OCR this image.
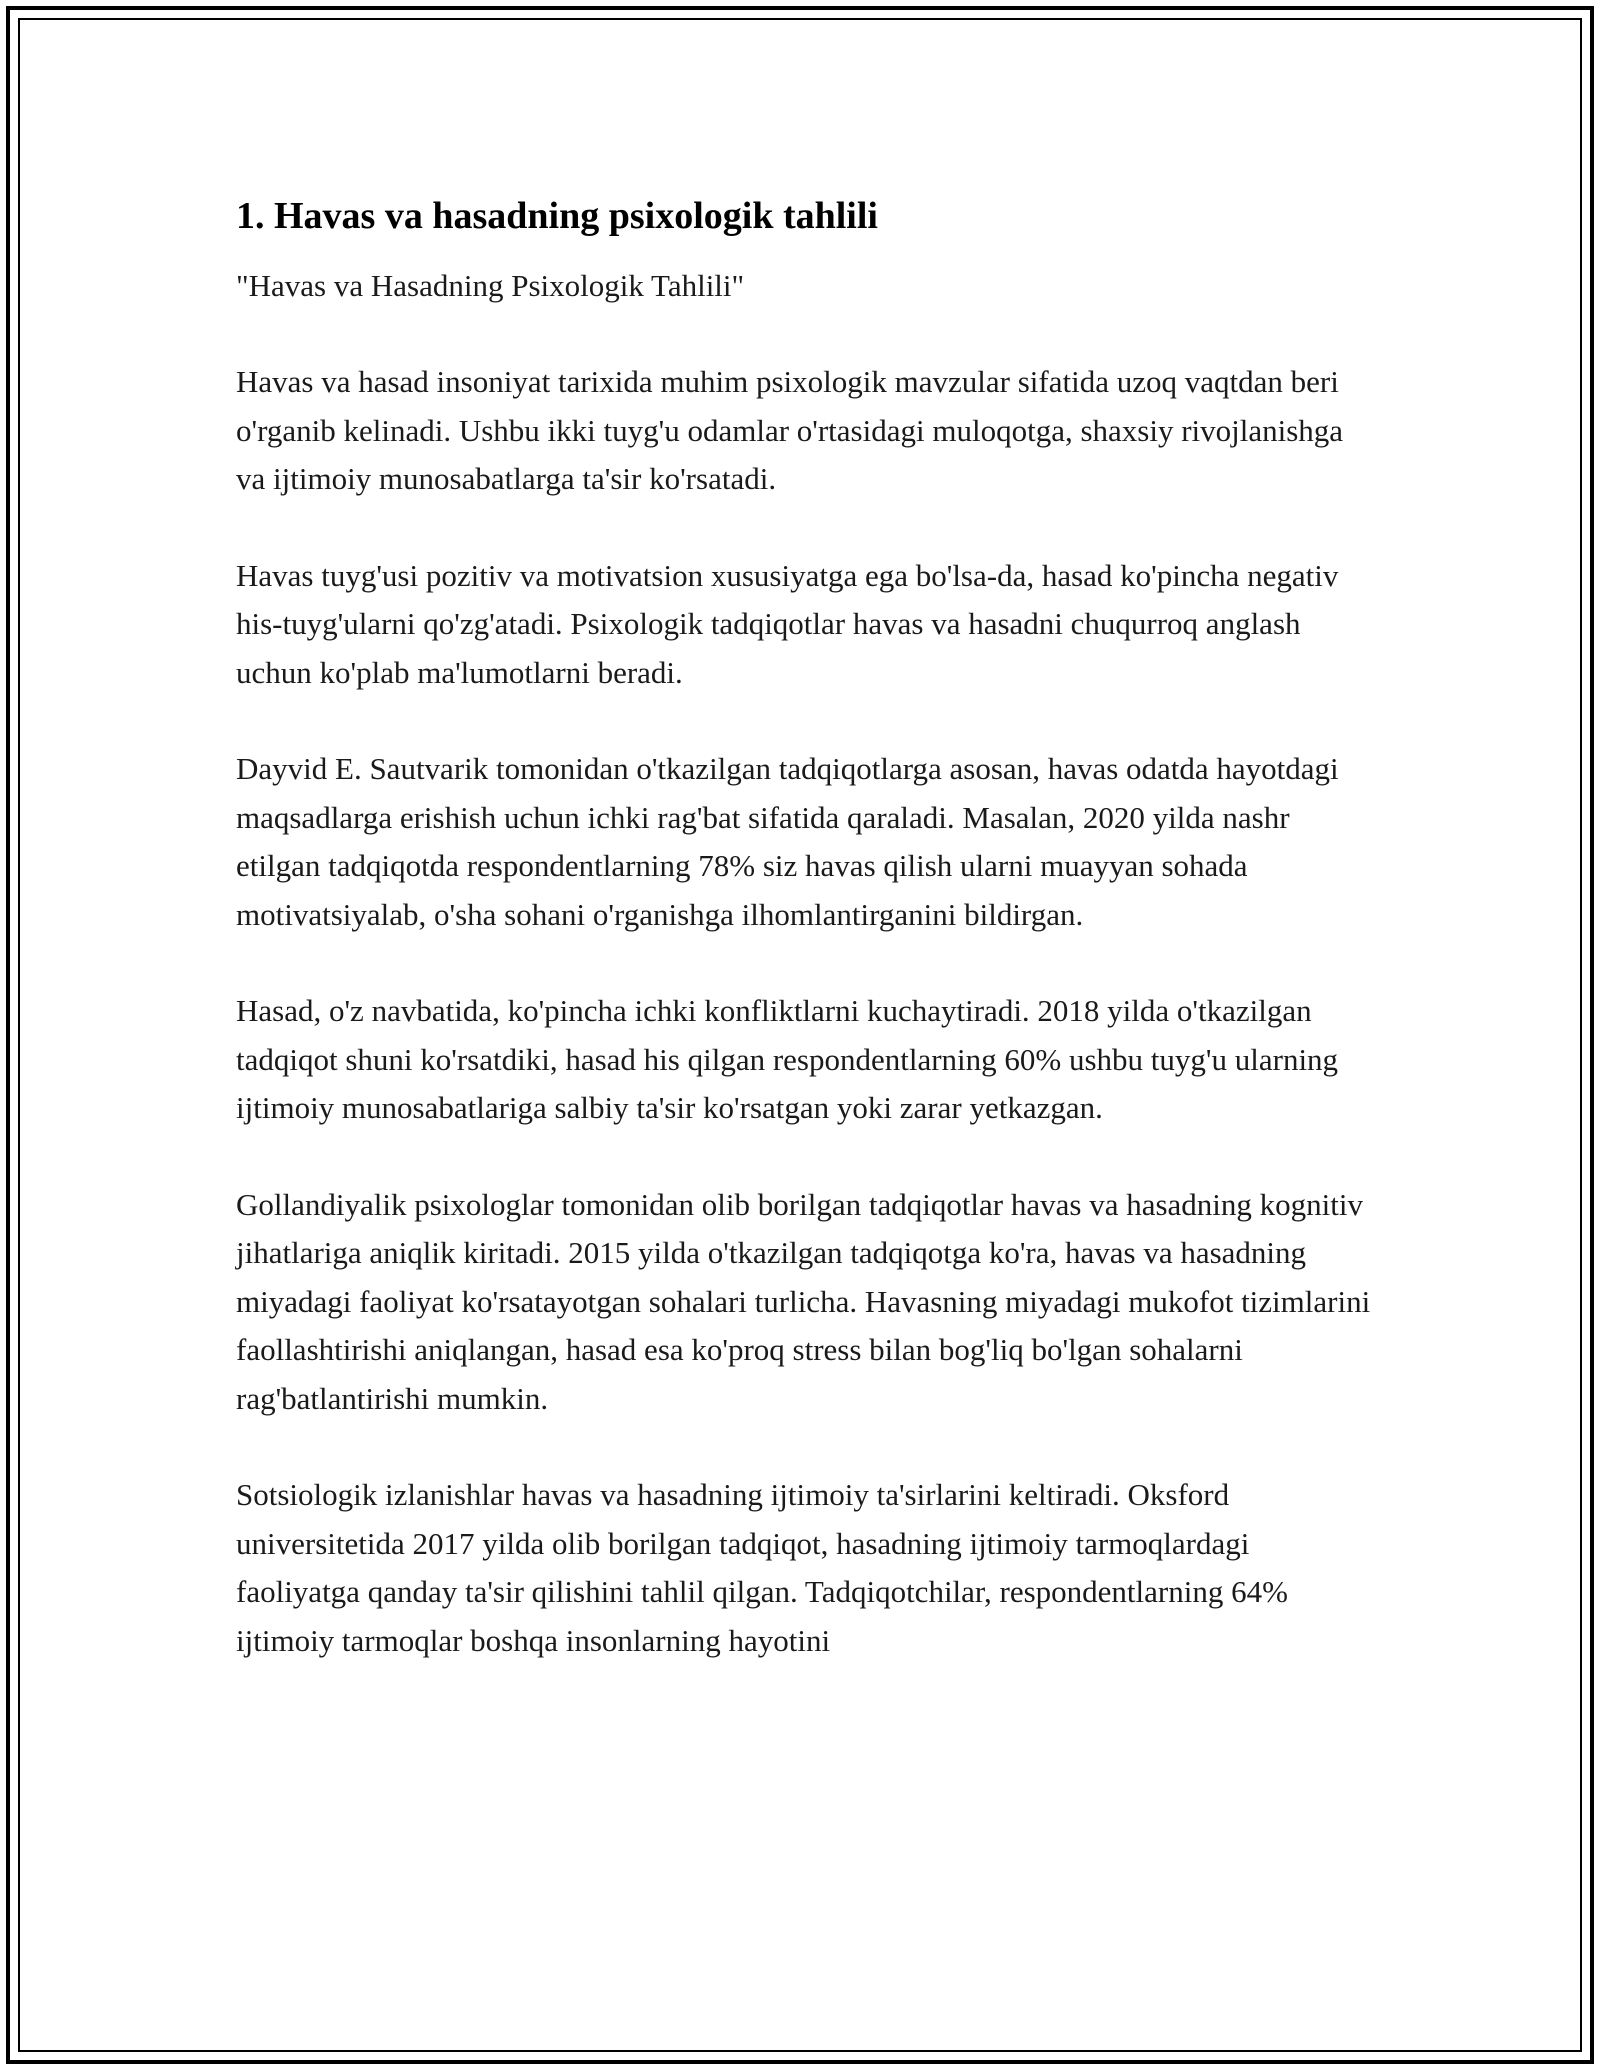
1. Havas va hasadning psixologik tahlili

"Havas va Hasadning Psixologik Tahlili"

Havas va hasad insoniyat tarixida muhim psixologik mavzular sifatida uzoq vaqtdan beri o'rganib kelinadi. Ushbu ikki tuyg'u odamlar o'rtasidagi muloqotga, shaxsiy rivojlanishga va ijtimoiy munosabatlarga ta'sir ko'rsatadi.

Havas tuyg'usi pozitiv va motivatsion xususiyatga ega bo'lsa-da, hasad ko'pincha negativ his-tuyg'ularni qo'zg'atadi. Psixologik tadqiqotlar havas va hasadni chuqurroq anglash uchun ko'plab ma'lumotlarni beradi.

Dayvid E. Sautvarik tomonidan o'tkazilgan tadqiqotlarga asosan, havas odatda hayotdagi maqsadlarga erishish uchun ichki rag'bat sifatida qaraladi. Masalan, 2020 yilda nashr etilgan tadqiqotda respondentlarning 78% siz havas qilish ularni muayyan sohada motivatsiyalab, o'sha sohani o'rganishga ilhomlantirganini bildirgan.

Hasad, o'z navbatida, ko'pincha ichki konfliktlarni kuchaytiradi. 2018 yilda o'tkazilgan tadqiqot shuni ko'rsatdiki, hasad his qilgan respondentlarning 60% ushbu tuyg'u ularning ijtimoiy munosabatlariga salbiy ta'sir ko'rsatgan yoki zarar yetkazgan.

Gollandiyalik psixologlar tomonidan olib borilgan tadqiqotlar havas va hasadning kognitiv jihatlariga aniqlik kiritadi. 2015 yilda o'tkazilgan tadqiqotga ko'ra, havas va hasadning miyadagi faoliyat ko'rsatayotgan sohalari turlicha. Havasning miyadagi mukofot tizimlarini faollashtirishi aniqlangan, hasad esa ko'proq stress bilan bog'liq bo'lgan sohalarni rag'batlantirishi mumkin.

Sotsiologik izlanishlar havas va hasadning ijtimoiy ta'sirlarini keltiradi. Oksford universitetida 2017 yilda olib borilgan tadqiqot, hasadning ijtimoiy tarmoqlardagi faoliyatga qanday ta'sir qilishini tahlil qilgan. Tadqiqotchilar, respondentlarning 64% ijtimoiy tarmoqlar boshqa insonlarning hayotini
